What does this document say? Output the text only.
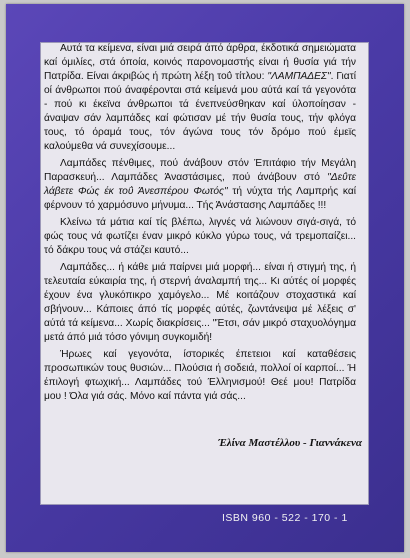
Αυτά τα κείμενα, είναι μιά σειρά άπό άρθρα, έκδοτικά σημειώματα καί όμιλίες, στά όποία, κοινός παρονομαστής είναι ή θυσία γιά τήν Πατρίδα. Είναι άκριβώς ή πρώτη λέξη τοΰ τίτλου: "ΛΑΜΠΑΔΕΣ". Γιατί οί άνθρωποι πού άναφέρονται στά κείμενά μου αύτά καί τά γεγονότα - πού κι έκεϊνα άνθρωποι τά ένεπνεύσθηκαν καί ύλοποίησαν - άναψαν σάν λαμπάδες καί φώτισαν μέ τήν θυσία τους, τήν φλόγα τους, τό όραμά τους, τόν άγώνα τους τόν δρόμο πού έμεϊς καλούμεθα νά συνεχίσουμε...

Λαμπάδες πένθιμες, πού άνάβουν στόν Έπιτάφιο τήν Μεγάλη Παρασκευή... Λαμπάδες Άναστάσιμες, πού άνάβουν στό "Δεΰτε λάβετε Φώς έκ τοΰ Άνεσπέρου Φωτός" τή νύχτα τής Λαμπρής καί φέρνουν τό χαρμόσυνο μήνυμα... Τής Άνάστασης Λαμπάδες !!!

Κλείνω τά μάτια καί τίς βλέπω, λιγνές νά λιώνουν σιγά-σιγά, τό φώς τους νά φωτίζει έναν μικρό κύκλο γύρω τους, νά τρεμοπαίζει... τό δάκρυ τους νά στάζει καυτό...

Λαμπάδες... ή κάθε μιά παίρνει μιά μορφή... είναι ή στιγμή της, ή τελευταία εύκαιρία της, ή στερνή άναλαμπή της... Κι αύτές οί μορφές έχουν ένα γλυκόπικρο χαμόγελο... Μέ κοιτάζουν στοχαστικά καί σβήνουν... Κάποιες άπό τίς μορφές αύτές, ζωντάνεψα μέ λέξεις σ' αύτά τά κείμενα... Χωρίς διακρίσεις... "Έτσι, σάν μικρό σταχυολόγημα μετά άπό μιά τόσο γόνιμη συγκομιδή!

Ήρωες καί γεγονότα, ίστορικές έπετειοι καί καταθέσεις προσωπικών τους θυσιών... Πλούσια ή σοδειά, πολλοί οί καρποί... Ή έπιλογή φτωχική... Λαμπάδες τού Έλληνισμού! Θεέ μου! Πατρίδα μου ! Όλα γιά σάς. Μόνο καί πάντα γιά σάς...

Έλίνα Μαστέλλου - Γιαννάκενα
ISBN 960 - 522 - 170 - 1
